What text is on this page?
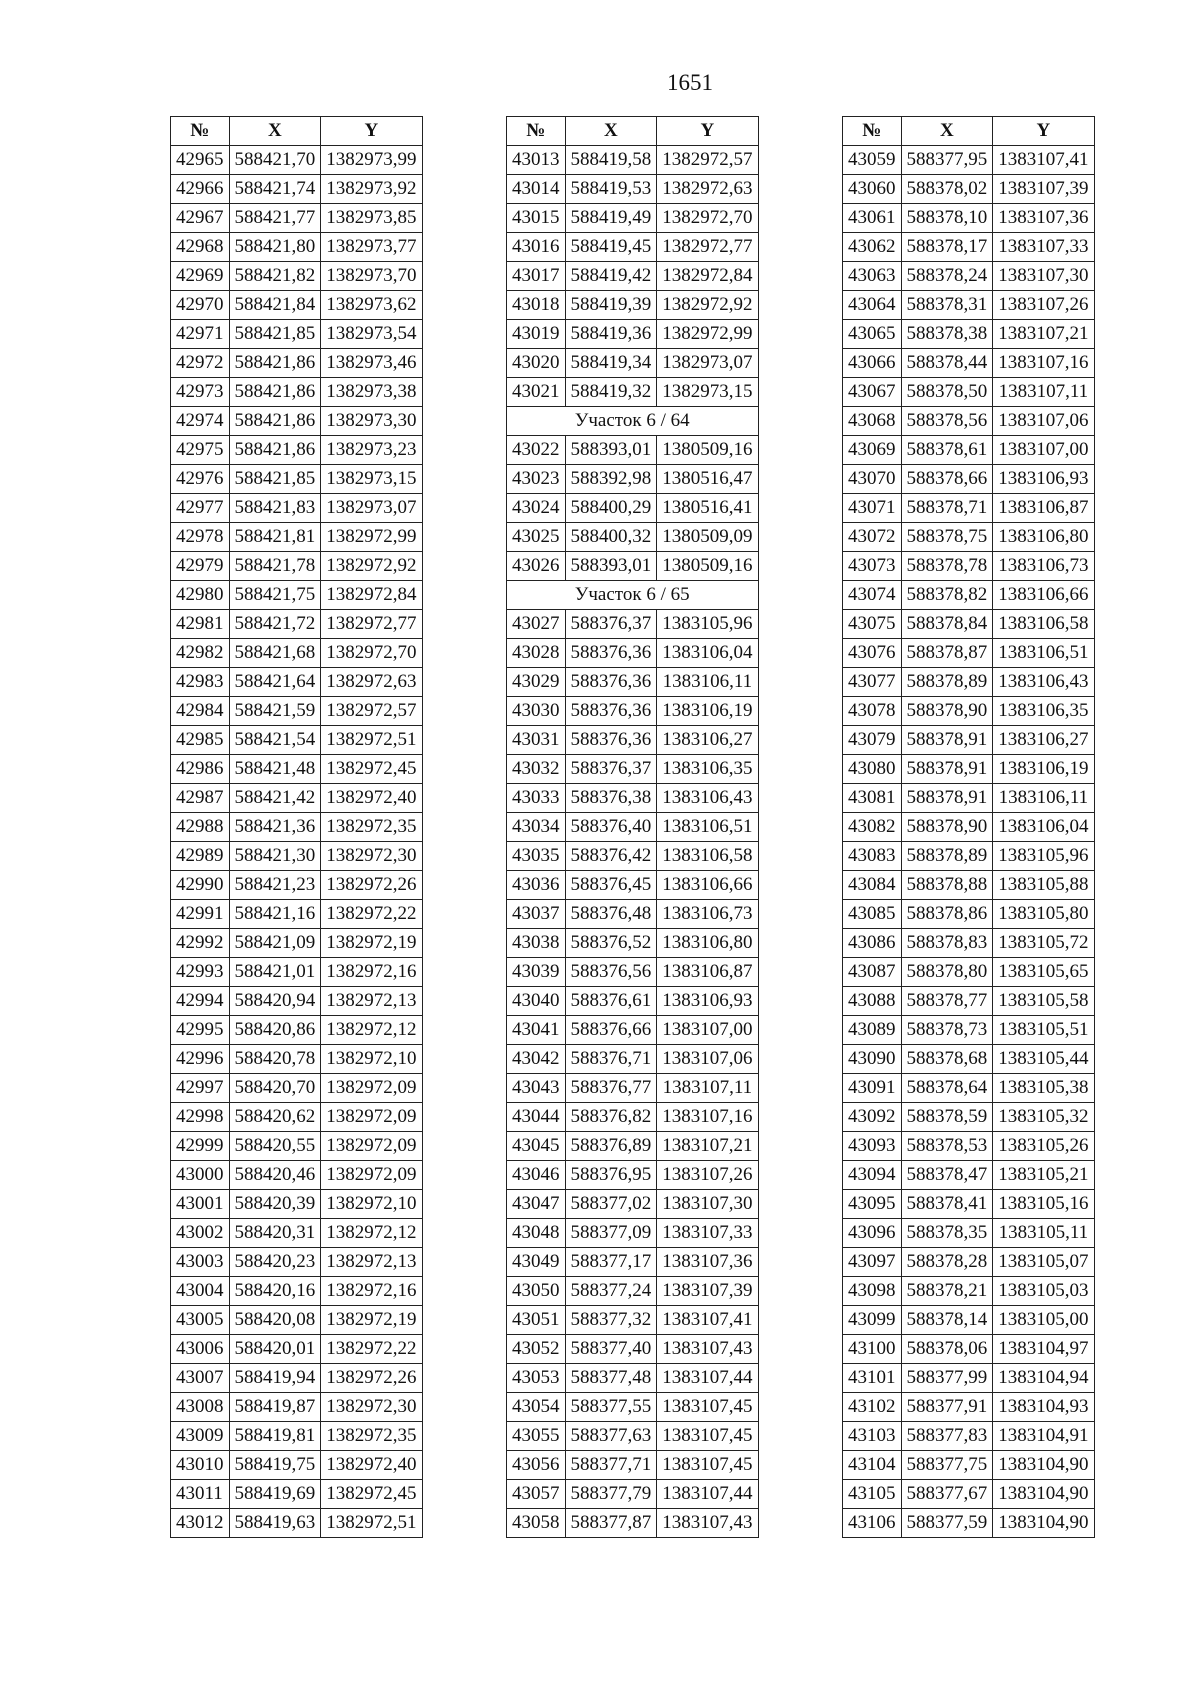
1651
№	X	Y
42965	588421,70	1382973,99
42966	588421,74	1382973,92
42967	588421,77	1382973,85
42968	588421,80	1382973,77
42969	588421,82	1382973,70
42970	588421,84	1382973,62
42971	588421,85	1382973,54
42972	588421,86	1382973,46
42973	588421,86	1382973,38
42974	588421,86	1382973,30
42975	588421,86	1382973,23
42976	588421,85	1382973,15
42977	588421,83	1382973,07
42978	588421,81	1382972,99
42979	588421,78	1382972,92
42980	588421,75	1382972,84
42981	588421,72	1382972,77
42982	588421,68	1382972,70
42983	588421,64	1382972,63
42984	588421,59	1382972,57
42985	588421,54	1382972,51
42986	588421,48	1382972,45
42987	588421,42	1382972,40
42988	588421,36	1382972,35
42989	588421,30	1382972,30
42990	588421,23	1382972,26
42991	588421,16	1382972,22
42992	588421,09	1382972,19
42993	588421,01	1382972,16
42994	588420,94	1382972,13
42995	588420,86	1382972,12
42996	588420,78	1382972,10
42997	588420,70	1382972,09
42998	588420,62	1382972,09
42999	588420,55	1382972,09
43000	588420,46	1382972,09
43001	588420,39	1382972,10
43002	588420,31	1382972,12
43003	588420,23	1382972,13
43004	588420,16	1382972,16
43005	588420,08	1382972,19
43006	588420,01	1382972,22
43007	588419,94	1382972,26
43008	588419,87	1382972,30
43009	588419,81	1382972,35
43010	588419,75	1382972,40
43011	588419,69	1382972,45
43012	588419,63	1382972,51
№	X	Y
43013	588419,58	1382972,57
43014	588419,53	1382972,63
43015	588419,49	1382972,70
43016	588419,45	1382972,77
43017	588419,42	1382972,84
43018	588419,39	1382972,92
43019	588419,36	1382972,99
43020	588419,34	1382973,07
43021	588419,32	1382973,15
Участок 6 / 64		
43022	588393,01	1380509,16
43023	588392,98	1380516,47
43024	588400,29	1380516,41
43025	588400,32	1380509,09
43026	588393,01	1380509,16
Участок 6 / 65		
43027	588376,37	1383105,96
43028	588376,36	1383106,04
43029	588376,36	1383106,11
43030	588376,36	1383106,19
43031	588376,36	1383106,27
43032	588376,37	1383106,35
43033	588376,38	1383106,43
43034	588376,40	1383106,51
43035	588376,42	1383106,58
43036	588376,45	1383106,66
43037	588376,48	1383106,73
43038	588376,52	1383106,80
43039	588376,56	1383106,87
43040	588376,61	1383106,93
43041	588376,66	1383107,00
43042	588376,71	1383107,06
43043	588376,77	1383107,11
43044	588376,82	1383107,16
43045	588376,89	1383107,21
43046	588376,95	1383107,26
43047	588377,02	1383107,30
43048	588377,09	1383107,33
43049	588377,17	1383107,36
43050	588377,24	1383107,39
43051	588377,32	1383107,41
43052	588377,40	1383107,43
43053	588377,48	1383107,44
43054	588377,55	1383107,45
43055	588377,63	1383107,45
43056	588377,71	1383107,45
43057	588377,79	1383107,44
43058	588377,87	1383107,43
№	X	Y
43059	588377,95	1383107,41
43060	588378,02	1383107,39
43061	588378,10	1383107,36
43062	588378,17	1383107,33
43063	588378,24	1383107,30
43064	588378,31	1383107,26
43065	588378,38	1383107,21
43066	588378,44	1383107,16
43067	588378,50	1383107,11
43068	588378,56	1383107,06
43069	588378,61	1383107,00
43070	588378,66	1383106,93
43071	588378,71	1383106,87
43072	588378,75	1383106,80
43073	588378,78	1383106,73
43074	588378,82	1383106,66
43075	588378,84	1383106,58
43076	588378,87	1383106,51
43077	588378,89	1383106,43
43078	588378,90	1383106,35
43079	588378,91	1383106,27
43080	588378,91	1383106,19
43081	588378,91	1383106,11
43082	588378,90	1383106,04
43083	588378,89	1383105,96
43084	588378,88	1383105,88
43085	588378,86	1383105,80
43086	588378,83	1383105,72
43087	588378,80	1383105,65
43088	588378,77	1383105,58
43089	588378,73	1383105,51
43090	588378,68	1383105,44
43091	588378,64	1383105,38
43092	588378,59	1383105,32
43093	588378,53	1383105,26
43094	588378,47	1383105,21
43095	588378,41	1383105,16
43096	588378,35	1383105,11
43097	588378,28	1383105,07
43098	588378,21	1383105,03
43099	588378,14	1383105,00
43100	588378,06	1383104,97
43101	588377,99	1383104,94
43102	588377,91	1383104,93
43103	588377,83	1383104,91
43104	588377,75	1383104,90
43105	588377,67	1383104,90
43106	588377,59	1383104,90
